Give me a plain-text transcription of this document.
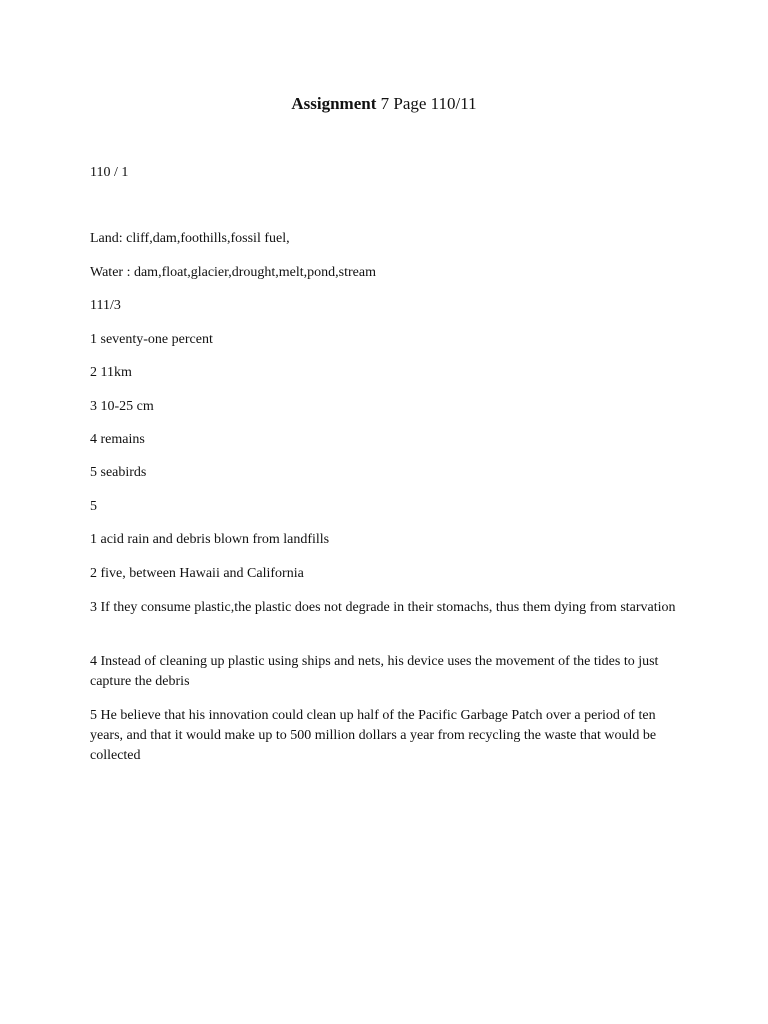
Assignment 7 Page 110/11
110 / 1
Land: cliff,dam,foothills,fossil fuel,
Water : dam,float,glacier,drought,melt,pond,stream
111/3
1 seventy-one percent
2 11km
3 10-25 cm
4 remains
5 seabirds
5
1 acid rain and debris blown from landfills
2 five, between Hawaii and California
3 If they consume plastic,the plastic does not degrade in their stomachs, thus them dying from starvation
4 Instead of cleaning up plastic using ships and nets, his device uses the movement of the tides to just capture the debris
5 He believe that his innovation could clean up half of the Pacific Garbage Patch over a period of ten years, and that it would make up to 500 million dollars a year from recycling the waste that would be collected
